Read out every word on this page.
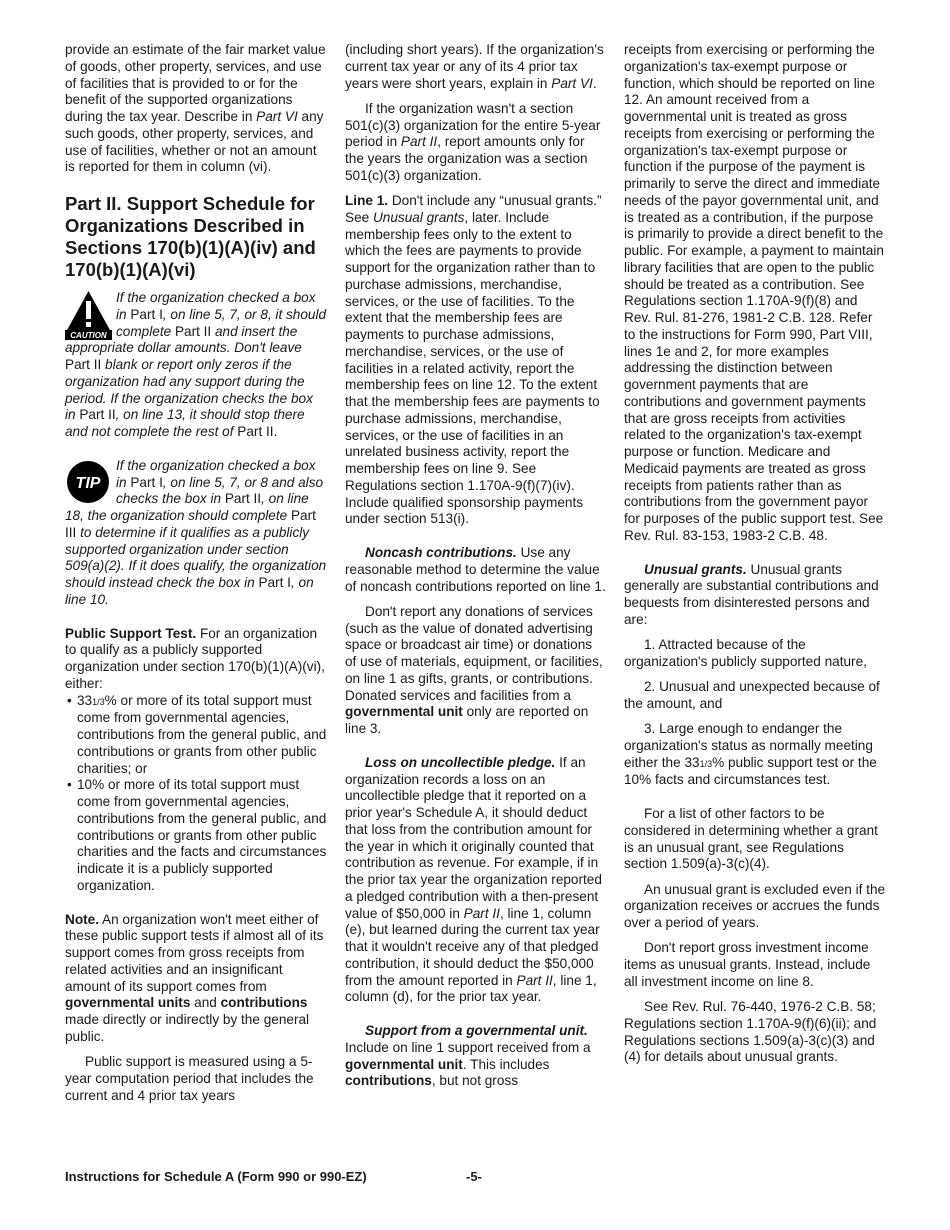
provide an estimate of the fair market value of goods, other property, services, and use of facilities that is provided to or for the benefit of the supported organizations during the tax year. Describe in Part VI any such goods, other property, services, and use of facilities, whether or not an amount is reported for them in column (vi).

Part II. Support Schedule for Organizations Described in Sections 170(b)(1)(A)(iv) and 170(b)(1)(A)(vi)
CAUTION
If the organization checked a box in Part I, on line 5, 7, or 8, it should complete Part II and insert the appropriate dollar amounts. Don't leave Part II blank or report only zeros if the organization had any support during the period. If the organization checks the box in Part II, on line 13, it should stop there and not complete the rest of Part II.
TIP
If the organization checked a box in Part I, on line 5, 7, or 8 and also checks the box in Part II, on line 18, the organization should complete Part III to determine if it qualifies as a publicly supported organization under section 509(a)(2). If it does qualify, the organization should instead check the box in Part I, on line 10.

Public Support Test. For an organization to qualify as a publicly supported organization under section 170(b)(1)(A)(vi), either:

• 331/3% or more of its total support must come from governmental agencies, contributions from the general public, and contributions or grants from other public charities; or
• 10% or more of its total support must come from governmental agencies, contributions from the general public, and contributions or grants from other public charities and the facts and circumstances indicate it is a publicly supported organization.

Note. An organization won't meet either of these public support tests if almost all of its support comes from gross receipts from related activities and an insignificant amount of its support comes from governmental units and contributions made directly or indirectly by the general public.

Public support is measured using a 5-year computation period that includes the current and 4 prior tax years

(including short years). If the organization's current tax year or any of its 4 prior tax years were short years, explain in Part VI.

If the organization wasn't a section 501(c)(3) organization for the entire 5-year period in Part II, report amounts only for the years the organization was a section 501(c)(3) organization.

Line 1. Don't include any “unusual grants.” See Unusual grants, later. Include membership fees only to the extent to which the fees are payments to provide support for the organization rather than to purchase admissions, merchandise, services, or the use of facilities. To the extent that the membership fees are payments to purchase admissions, merchandise, services, or the use of facilities in a related activity, report the membership fees on line 12. To the extent that the membership fees are payments to purchase admissions, merchandise, services, or the use of facilities in an unrelated business activity, report the membership fees on line 9. See Regulations section 1.170A-9(f)(7)(iv). Include qualified sponsorship payments under section 513(i).

Noncash contributions. Use any reasonable method to determine the value of noncash contributions reported on line 1.

Don't report any donations of services (such as the value of donated advertising space or broadcast air time) or donations of use of materials, equipment, or facilities, on line 1 as gifts, grants, or contributions. Donated services and facilities from a governmental unit only are reported on line 3.

Loss on uncollectible pledge. If an organization records a loss on an uncollectible pledge that it reported on a prior year's Schedule A, it should deduct that loss from the contribution amount for the year in which it originally counted that contribution as revenue. For example, if in the prior tax year the organization reported a pledged contribution with a then-present value of $50,000 in Part II, line 1, column (e), but learned during the current tax year that it wouldn't receive any of that pledged contribution, it should deduct the $50,000 from the amount reported in Part II, line 1, column (d), for the prior tax year.

Support from a governmental unit. Include on line 1 support received from a governmental unit. This includes contributions, but not gross

receipts from exercising or performing the organization's tax-exempt purpose or function, which should be reported on line 12. An amount received from a governmental unit is treated as gross receipts from exercising or performing the organization's tax-exempt purpose or function if the purpose of the payment is primarily to serve the direct and immediate needs of the payor governmental unit, and is treated as a contribution, if the purpose is primarily to provide a direct benefit to the public. For example, a payment to maintain library facilities that are open to the public should be treated as a contribution. See Regulations section 1.170A-9(f)(8) and Rev. Rul. 81-276, 1981-2 C.B. 128. Refer to the instructions for Form 990, Part VIII, lines 1e and 2, for more examples addressing the distinction between government payments that are contributions and government payments that are gross receipts from activities related to the organization's tax-exempt purpose or function. Medicare and Medicaid payments are treated as gross receipts from patients rather than as contributions from the government payor for purposes of the public support test. See Rev. Rul. 83-153, 1983-2 C.B. 48.

Unusual grants. Unusual grants generally are substantial contributions and bequests from disinterested persons and are:

1. Attracted because of the organization's publicly supported nature,

2. Unusual and unexpected because of the amount, and

3. Large enough to endanger the organization's status as normally meeting either the 331/3% public support test or the 10% facts and circumstances test.

For a list of other factors to be considered in determining whether a grant is an unusual grant, see Regulations section 1.509(a)-3(c)(4).

An unusual grant is excluded even if the organization receives or accrues the funds over a period of years.

Don't report gross investment income items as unusual grants. Instead, include all investment income on line 8.

See Rev. Rul. 76-440, 1976-2 C.B. 58; Regulations section 1.170A-9(f)(6)(ii); and Regulations sections 1.509(a)-3(c)(3) and (4) for details about unusual grants.

Instructions for Schedule A (Form 990 or 990-EZ)	-5-
